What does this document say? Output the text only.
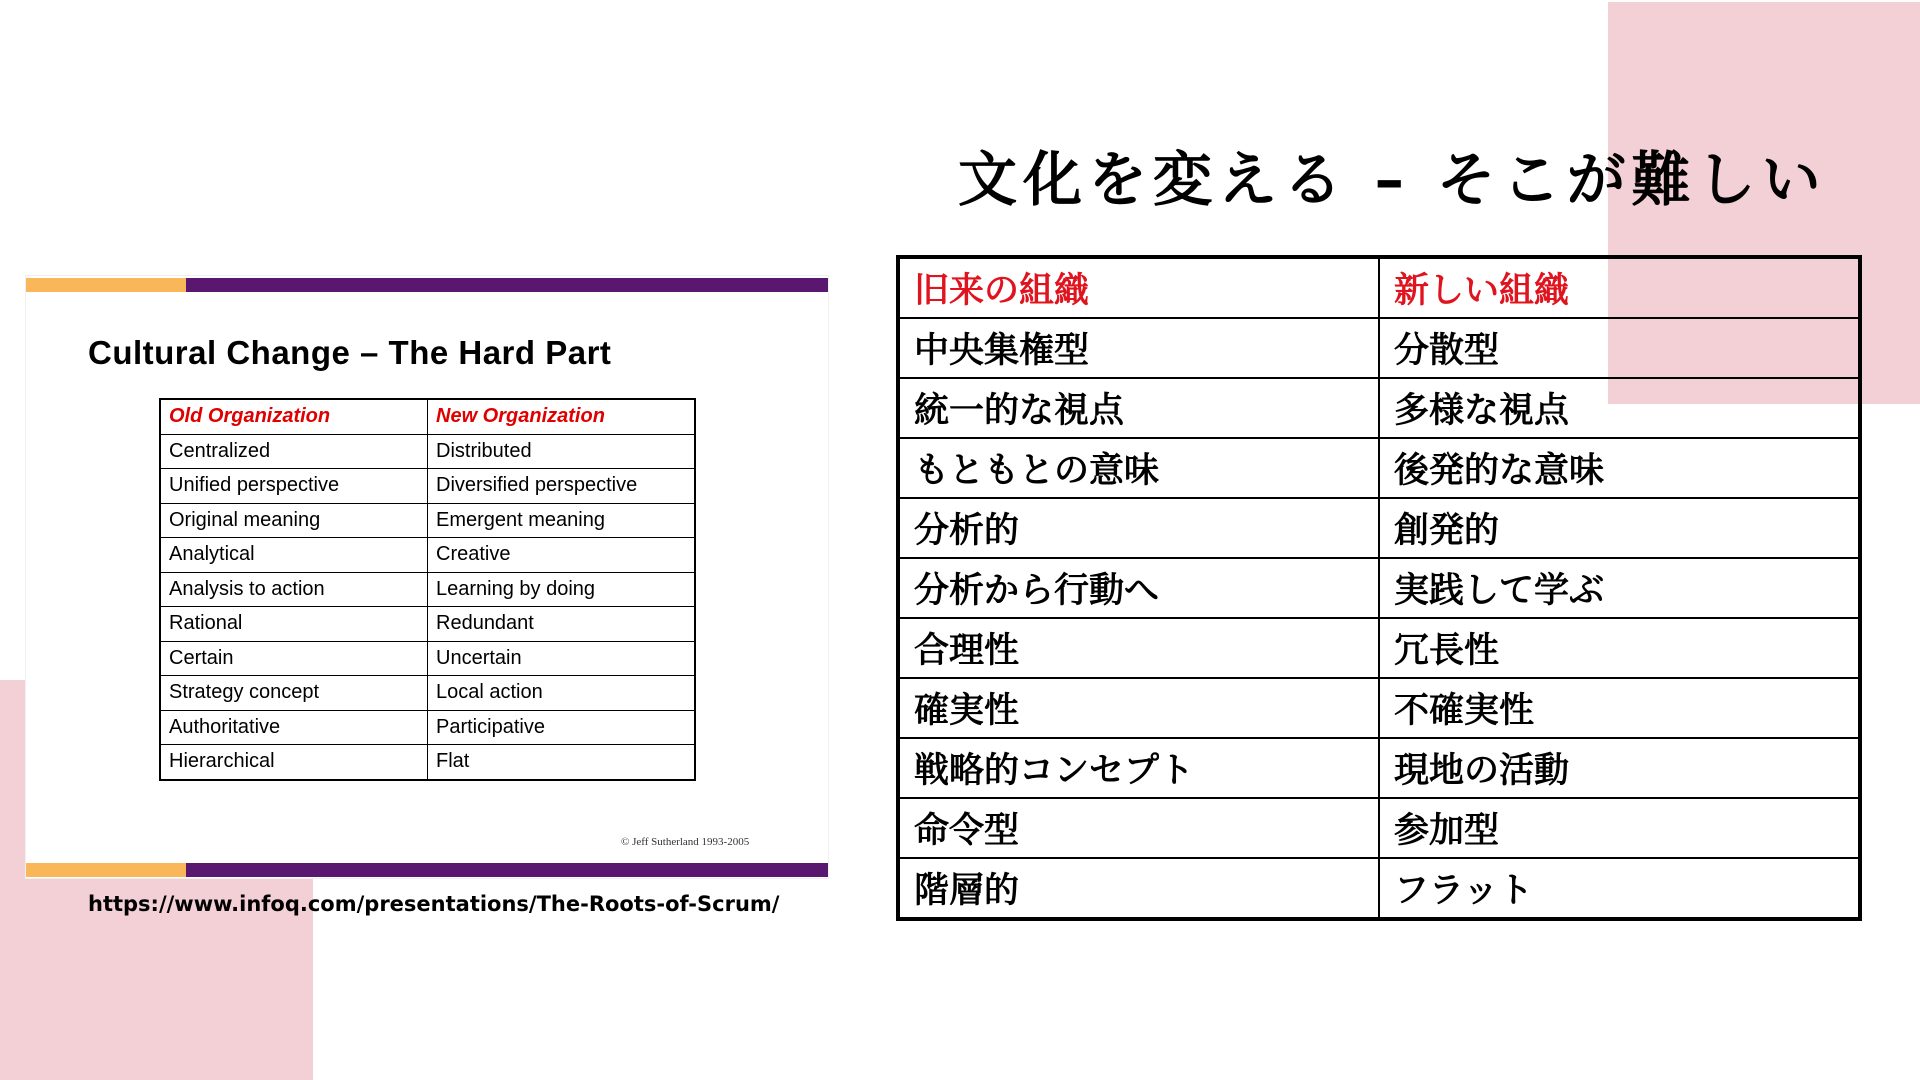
文化を変える – そこが難しい
Cultural Change – The Hard Part
Old Organization	New Organization
Centralized	Distributed
Unified perspective	Diversified perspective
Original meaning	Emergent meaning
Analytical	Creative
Analysis to action	Learning by doing
Rational	Redundant
Certain	Uncertain
Strategy concept	Local action
Authoritative	Participative
Hierarchical	Flat
© Jeff Sutherland 1993-2005
https://www.infoq.com/presentations/The-Roots-of-Scrum/
旧来の組織	新しい組織
中央集権型	分散型
統一的な視点	多様な視点
もともとの意味	後発的な意味
分析的	創発的
分析から行動へ	実践して学ぶ
合理性	冗長性
確実性	不確実性
戦略的コンセプト	現地の活動
命令型	参加型
階層的	フラット
